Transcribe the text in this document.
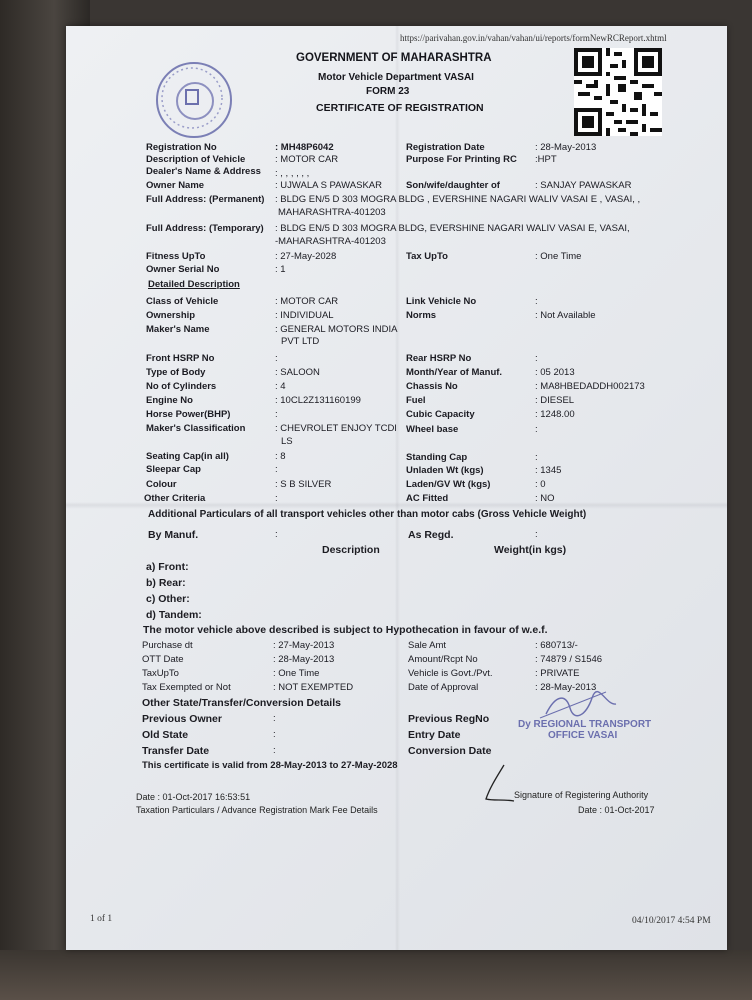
https://parivahan.gov.in/vahan/vahan/ui/reports/formNewRCReport.xhtml
GOVERNMENT OF MAHARASHTRA
Motor Vehicle Department VASAI
FORM 23
CERTIFICATE OF REGISTRATION
Registration No	: MH48P6042	Registration Date	: 28-May-2013
Description of Vehicle	: MOTOR CAR	Purpose For Printing RC :HPT
Dealer's Name & Address : , , , , , ,
Owner Name	: UJWALA S PAWASKAR	Son/wife/daughter of	: SANJAY PAWASKAR
Full Address: (Permanent) : BLDG EN/5 D 303 MOGRA BLDG , EVERSHINE NAGARI WALIV VASAI E , VASAI, ,
MAHARASHTRA-401203
Full Address: (Temporary) : BLDG EN/5 D 303 MOGRA BLDG, EVERSHINE NAGARI WALIV VASAI E, VASAI,
-MAHARASHTRA-401203
Fitness UpTo	: 27-May-2028	Tax UpTo	: One Time
Owner Serial No	: 1
Detailed Description
Class of Vehicle	: MOTOR CAR	Link Vehicle No	:
Ownership	: INDIVIDUAL	Norms	: Not Available
Maker's Name	: GENERAL MOTORS INDIA
PVT LTD
Front HSRP No	:	Rear HSRP No	:
Type of Body	: SALOON	Month/Year of Manuf.	: 05 2013
No of Cylinders	: 4	Chassis No	: MA8HBEDADDH002173
Engine No	: 10CL2Z131160199	Fuel	: DIESEL
Horse Power(BHP)	:	Cubic Capacity	: 1248.00
Maker's Classification	: CHEVROLET ENJOY TCDI
LS
Wheel base	:
Seating Cap(in all)	: 8	Standing Cap	:
Sleepar Cap	:	Unladen Wt (kgs)	: 1345
Colour	: S B SILVER	Laden/GV Wt (kgs)	: 0
Other Criteria	:	AC Fitted	: NO
Additional Particulars of all transport vehicles other than motor cabs (Gross Vehicle Weight)
By Manuf.	:	As Regd.	:
Description	Weight(in kgs)
a) Front:
b) Rear:
c) Other:
d) Tandem:
The motor vehicle above described is subject to Hypothecation in favour of w.e.f.
Purchase dt	: 27-May-2013	Sale Amt	: 680713/-
OTT Date	: 28-May-2013	Amount/Rcpt No	: 74879 / S1546
TaxUpTo	: One Time	Vehicle is Govt./Pvt.	: PRIVATE
Tax Exempted or Not	: NOT EXEMPTED	Date of Approval	: 28-May-2013
Other State/Transfer/Conversion Details
Previous Owner	:	Previous RegNo
Old State	:	Entry Date
Transfer Date	:	Conversion Date
Dy REGIONAL TRANSPORT
OFFICE VASAI
This certificate is valid from 28-May-2013 to 27-May-2028
Date : 01-Oct-2017 16:53:51	Signature of Registering Authority
Taxation Particulars / Advance Registration Mark Fee Details	Date : 01-Oct-2017
1 of 1	04/10/2017 4:54 PM
